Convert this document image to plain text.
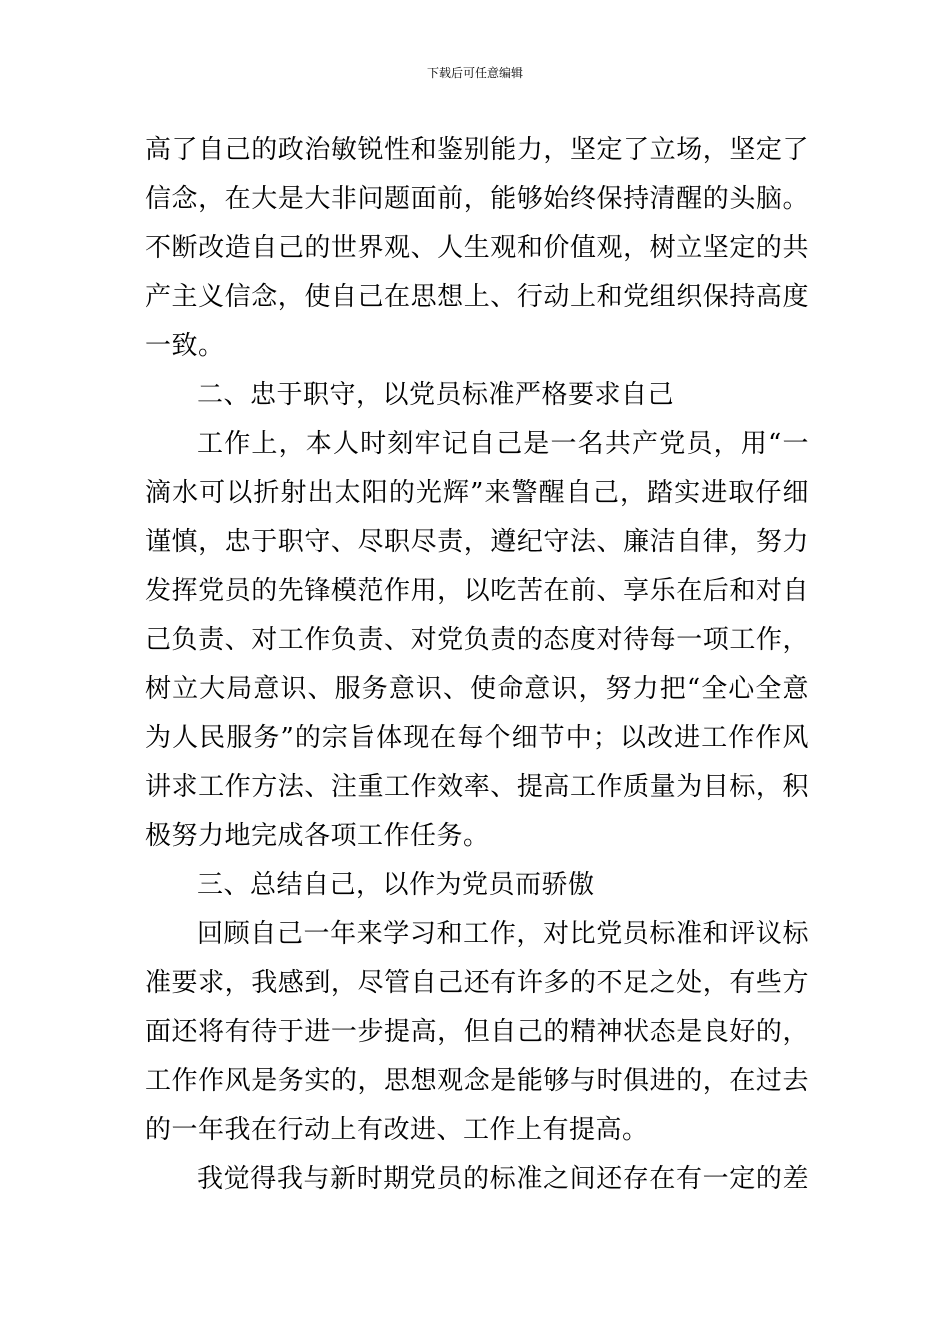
下载后可任意编辑
高了自己的政治敏锐性和鉴别能力，坚定了立场，坚定了
信念，在大是大非问题面前，能够始终保持清醒的头脑。
不断改造自己的世界观、人生观和价值观，树立坚定的共
产主义信念，使自己在思想上、行动上和党组织保持高度
一致。
二、忠于职守，以党员标准严格要求自己
工作上，本人时刻牢记自己是一名共产党员，用“一
滴水可以折射出太阳的光辉”来警醒自己，踏实进取仔细
谨慎，忠于职守、尽职尽责，遵纪守法、廉洁自律，努力
发挥党员的先锋模范作用，以吃苦在前、享乐在后和对自
己负责、对工作负责、对党负责的态度对待每一项工作，
树立大局意识、服务意识、使命意识，努力把“全心全意
为人民服务”的宗旨体现在每个细节中；以改进工作作风
讲求工作方法、注重工作效率、提高工作质量为目标，积
极努力地完成各项工作任务。
三、总结自己，以作为党员而骄傲
回顾自己一年来学习和工作，对比党员标准和评议标
准要求，我感到，尽管自己还有许多的不足之处，有些方
面还将有待于进一步提高，但自己的精神状态是良好的，
工作作风是务实的，思想观念是能够与时俱进的，在过去
的一年我在行动上有改进、工作上有提高。
我觉得我与新时期党员的标准之间还存在有一定的差
